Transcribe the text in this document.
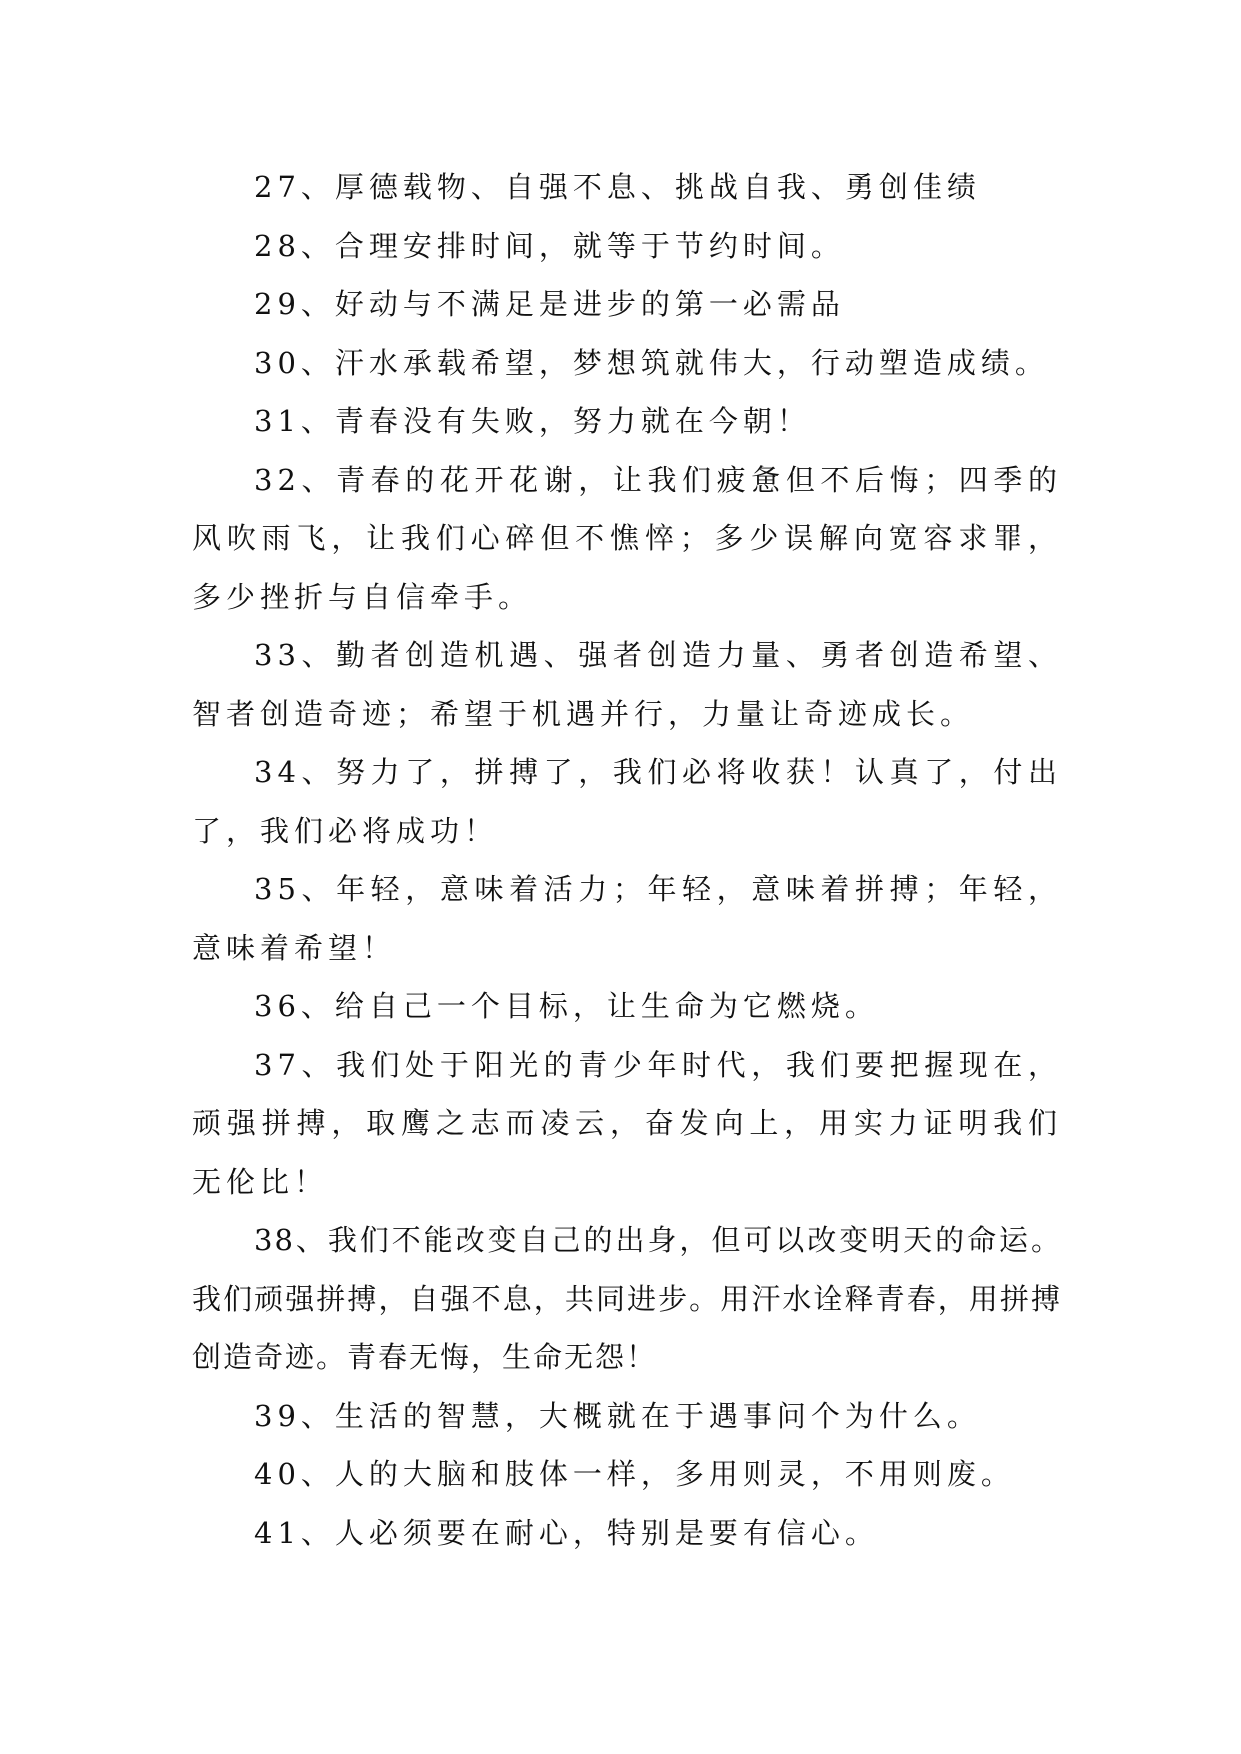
27、厚德载物、自强不息、挑战自我、勇创佳绩

28、合理安排时间，就等于节约时间。

29、好动与不满足是进步的第一必需品

30、汗水承载希望，梦想筑就伟大，行动塑造成绩。

31、青春没有失败，努力就在今朝！

32、青春的花开花谢，让我们疲惫但不后悔；四季的风吹雨飞，让我们心碎但不憔悴；多少误解向宽容求罪，多少挫折与自信牵手。

33、勤者创造机遇、强者创造力量、勇者创造希望、智者创造奇迹；希望于机遇并行，力量让奇迹成长。

34、努力了，拼搏了，我们必将收获！认真了，付出了，我们必将成功！

35、年轻，意味着活力；年轻，意味着拼搏；年轻，意味着希望！

36、给自己一个目标，让生命为它燃烧。

37、我们处于阳光的青少年时代，我们要把握现在，顽强拼搏，取鹰之志而凌云，奋发向上，用实力证明我们无伦比！

38、我们不能改变自己的出身，但可以改变明天的命运。我们顽强拼搏，自强不息，共同进步。用汗水诠释青春，用拼搏创造奇迹。青春无悔，生命无怨！

39、生活的智慧，大概就在于遇事问个为什么。

40、人的大脑和肢体一样，多用则灵，不用则废。

41、人必须要在耐心，特别是要有信心。
